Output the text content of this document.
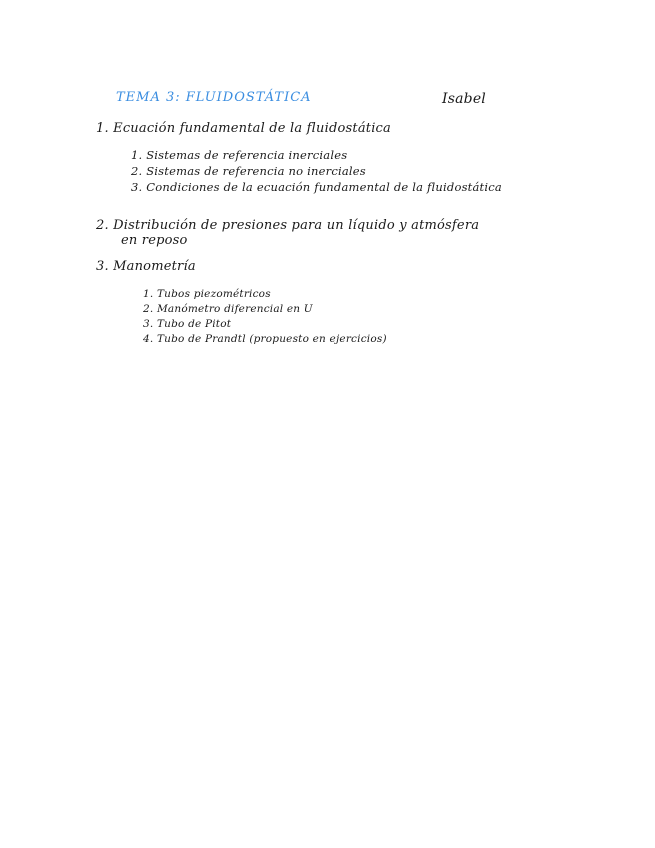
TEMA 3: FLUIDOSTÁTICA	Isabel
1. Ecuación fundamental de la fluidostática
1. Sistemas de referencia inerciales
2. Sistemas de referencia no inerciales
3. Condiciones de la ecuación fundamental de la fluidostática
2. Distribución de presiones para un líquido y atmósfera
en reposo
3. Manometría
1. Tubos piezométricos
2. Manómetro diferencial en U
3. Tubo de Pitot
4. Tubo de Prandtl (propuesto en ejercicios)
